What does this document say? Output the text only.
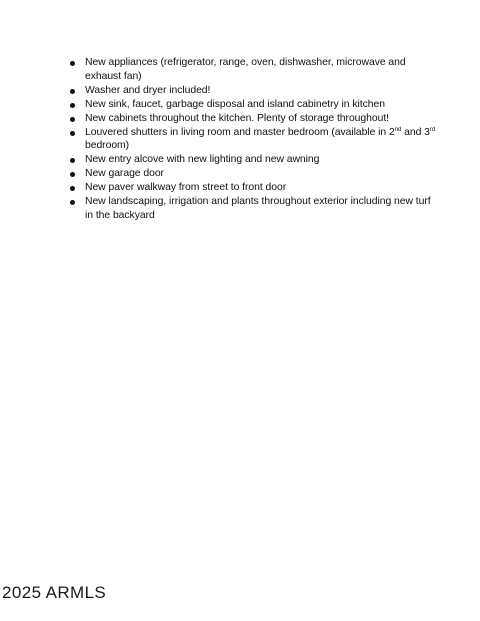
New appliances (refrigerator, range, oven, dishwasher, microwave and exhaust fan)
Washer and dryer included!
New sink, faucet, garbage disposal and island cabinetry in kitchen
New cabinets throughout the kitchen. Plenty of storage throughout!
Louvered shutters in living room and master bedroom (available in 2nd and 3rd bedroom)
New entry alcove with new lighting and new awning
New garage door
New paver walkway from street to front door
New landscaping, irrigation and plants throughout exterior including new turf in the backyard
2025 ARMLS
